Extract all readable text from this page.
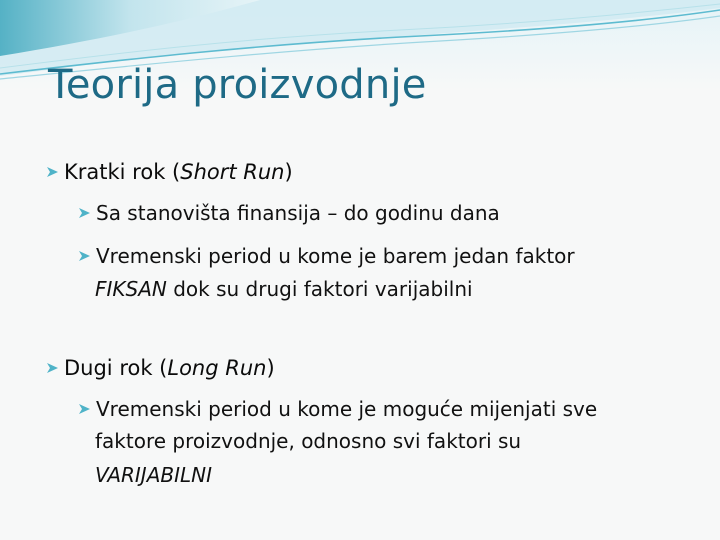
Teorija proizvodnje
Kratki rok (Short Run)
Sa stanovišta finansija – do godinu dana
Vremenski period u kome je barem jedan faktor
FIKSAN dok su drugi faktori varijabilni
Dugi rok (Long Run)
Vremenski period u kome je moguće mijenjati sve
faktore proizvodnje, odnosno svi faktori su
VARIJABILNI
